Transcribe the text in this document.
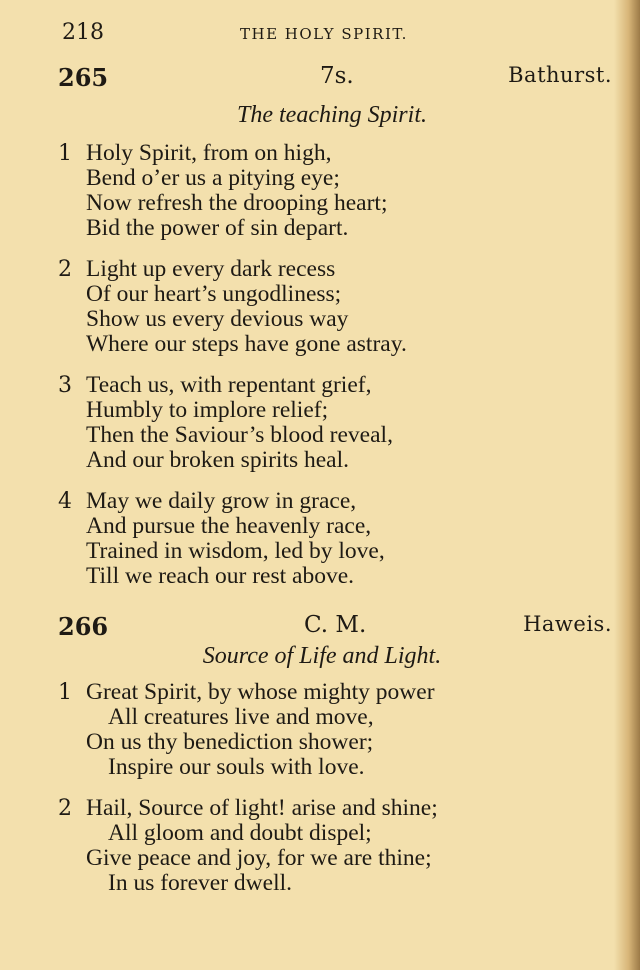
218	THE HOLY SPIRIT.
265	7s.	Bathurst.
The teaching Spirit.
1 Holy Spirit, from on high,
Bend o’er us a pitying eye;
Now refresh the drooping heart;
Bid the power of sin depart.
2 Light up every dark recess
Of our heart’s ungodliness;
Show us every devious way
Where our steps have gone astray.
3 Teach us, with repentant grief,
Humbly to implore relief;
Then the Saviour’s blood reveal,
And our broken spirits heal.
4 May we daily grow in grace,
And pursue the heavenly race,
Trained in wisdom, led by love,
Till we reach our rest above.
266	C. M.	Haweis.
Source of Life and Light.
1 Great Spirit, by whose mighty power
All creatures live and move,
On us thy benediction shower;
Inspire our souls with love.
2 Hail, Source of light! arise and shine;
All gloom and doubt dispel;
Give peace and joy, for we are thine;
In us forever dwell.
